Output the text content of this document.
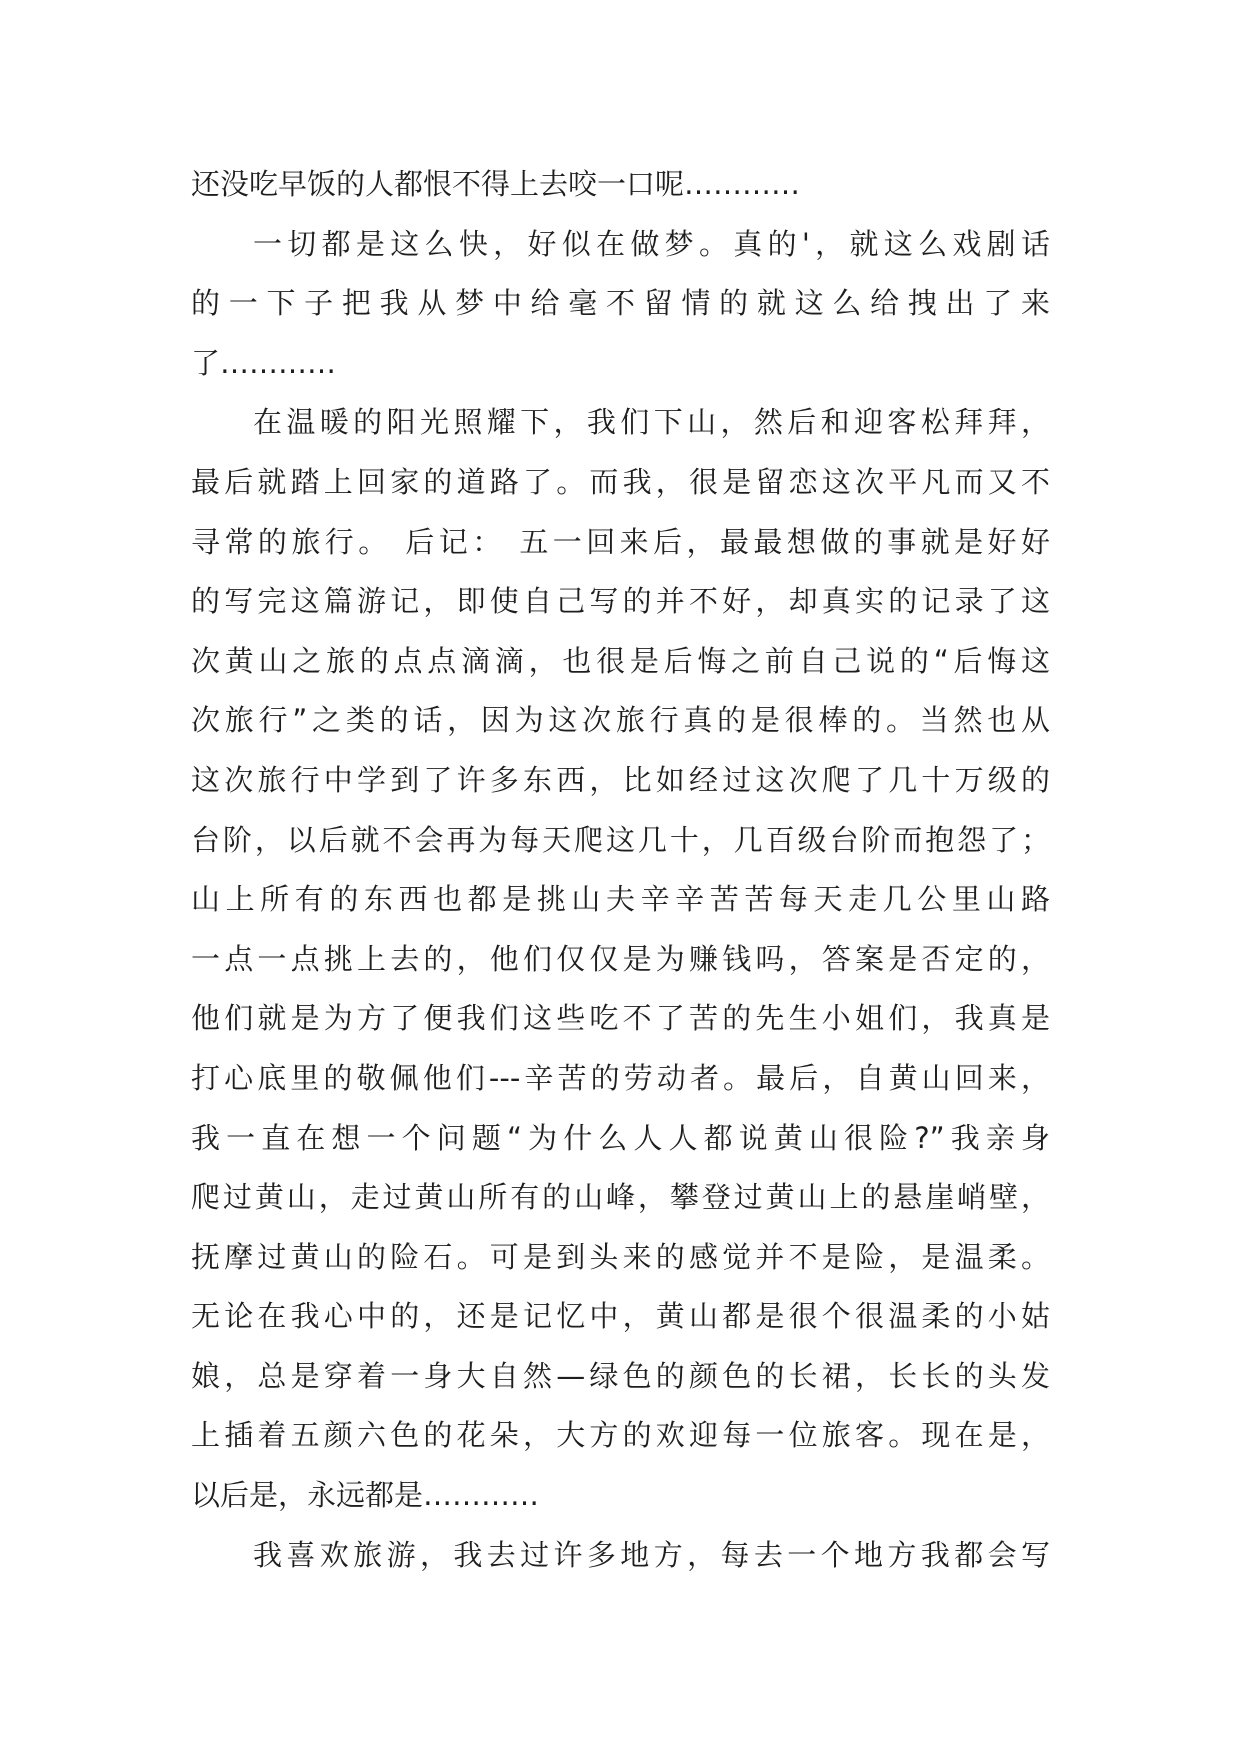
还没吃早饭的人都恨不得上去咬一口呢…………
一切都是这么快，好似在做梦。真的'，就这么戏剧话
的一下子把我从梦中给毫不留情的就这么给拽出了来
了…………
在温暖的阳光照耀下，我们下山，然后和迎客松拜拜，
最后就踏上回家的道路了。而我，很是留恋这次平凡而又不
寻常的旅行。 后记： 五一回来后，最最想做的事就是好好
的写完这篇游记，即使自己写的并不好，却真实的记录了这
次黄山之旅的点点滴滴，也很是后悔之前自己说的“后悔这
次旅行”之类的话，因为这次旅行真的是很棒的。当然也从
这次旅行中学到了许多东西，比如经过这次爬了几十万级的
台阶，以后就不会再为每天爬这几十，几百级台阶而抱怨了；
山上所有的东西也都是挑山夫辛辛苦苦每天走几公里山路
一点一点挑上去的，他们仅仅是为赚钱吗，答案是否定的，
他们就是为方了便我们这些吃不了苦的先生小姐们，我真是
打心底里的敬佩他们---辛苦的劳动者。最后，自黄山回来，
我一直在想一个问题“为什么人人都说黄山很险?”我亲身
爬过黄山，走过黄山所有的山峰，攀登过黄山上的悬崖峭壁，
抚摩过黄山的险石。可是到头来的感觉并不是险，是温柔。
无论在我心中的，还是记忆中，黄山都是很个很温柔的小姑
娘，总是穿着一身大自然—绿色的颜色的长裙，长长的头发
上插着五颜六色的花朵，大方的欢迎每一位旅客。现在是，
以后是，永远都是…………
我喜欢旅游，我去过许多地方，每去一个地方我都会写
